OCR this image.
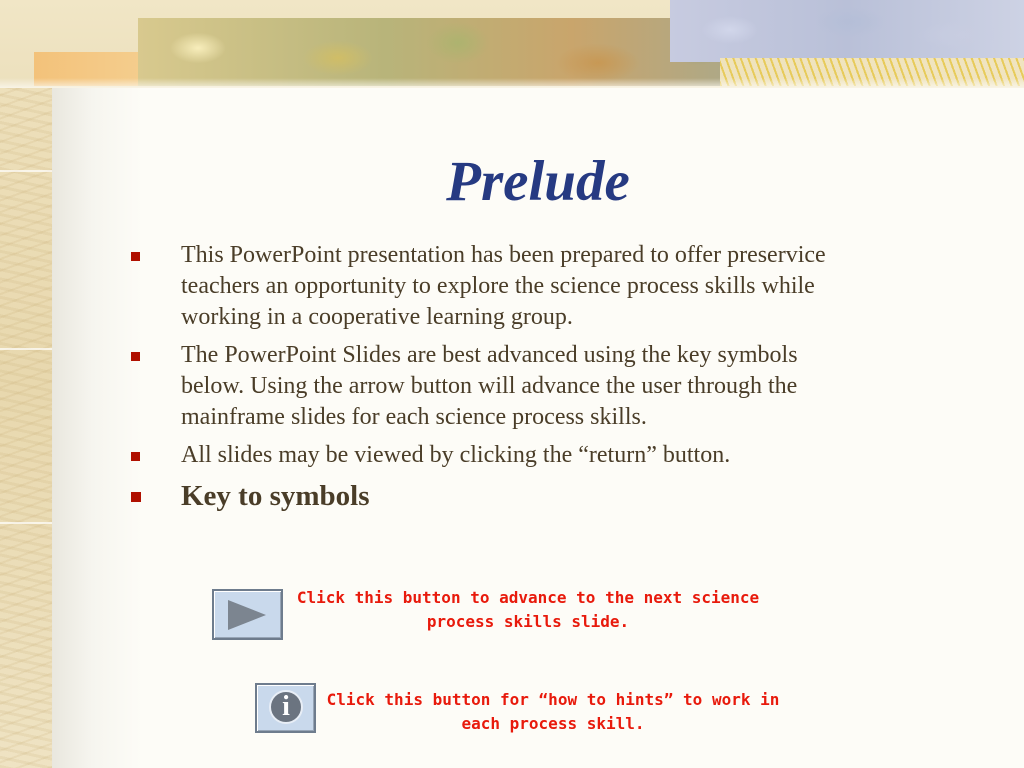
Prelude
This PowerPoint presentation has been prepared to offer preservice teachers an opportunity to explore the science process skills while working in a cooperative learning group.
The PowerPoint Slides are best advanced using the key symbols below. Using the arrow button will advance the user through the mainframe slides for each science process skills.
All slides may be viewed by clicking the “return” button.
Key to symbols
Click this button to advance to the next science
process skills slide.
i	Click this button for “how to hints” to work in
each process skill.
